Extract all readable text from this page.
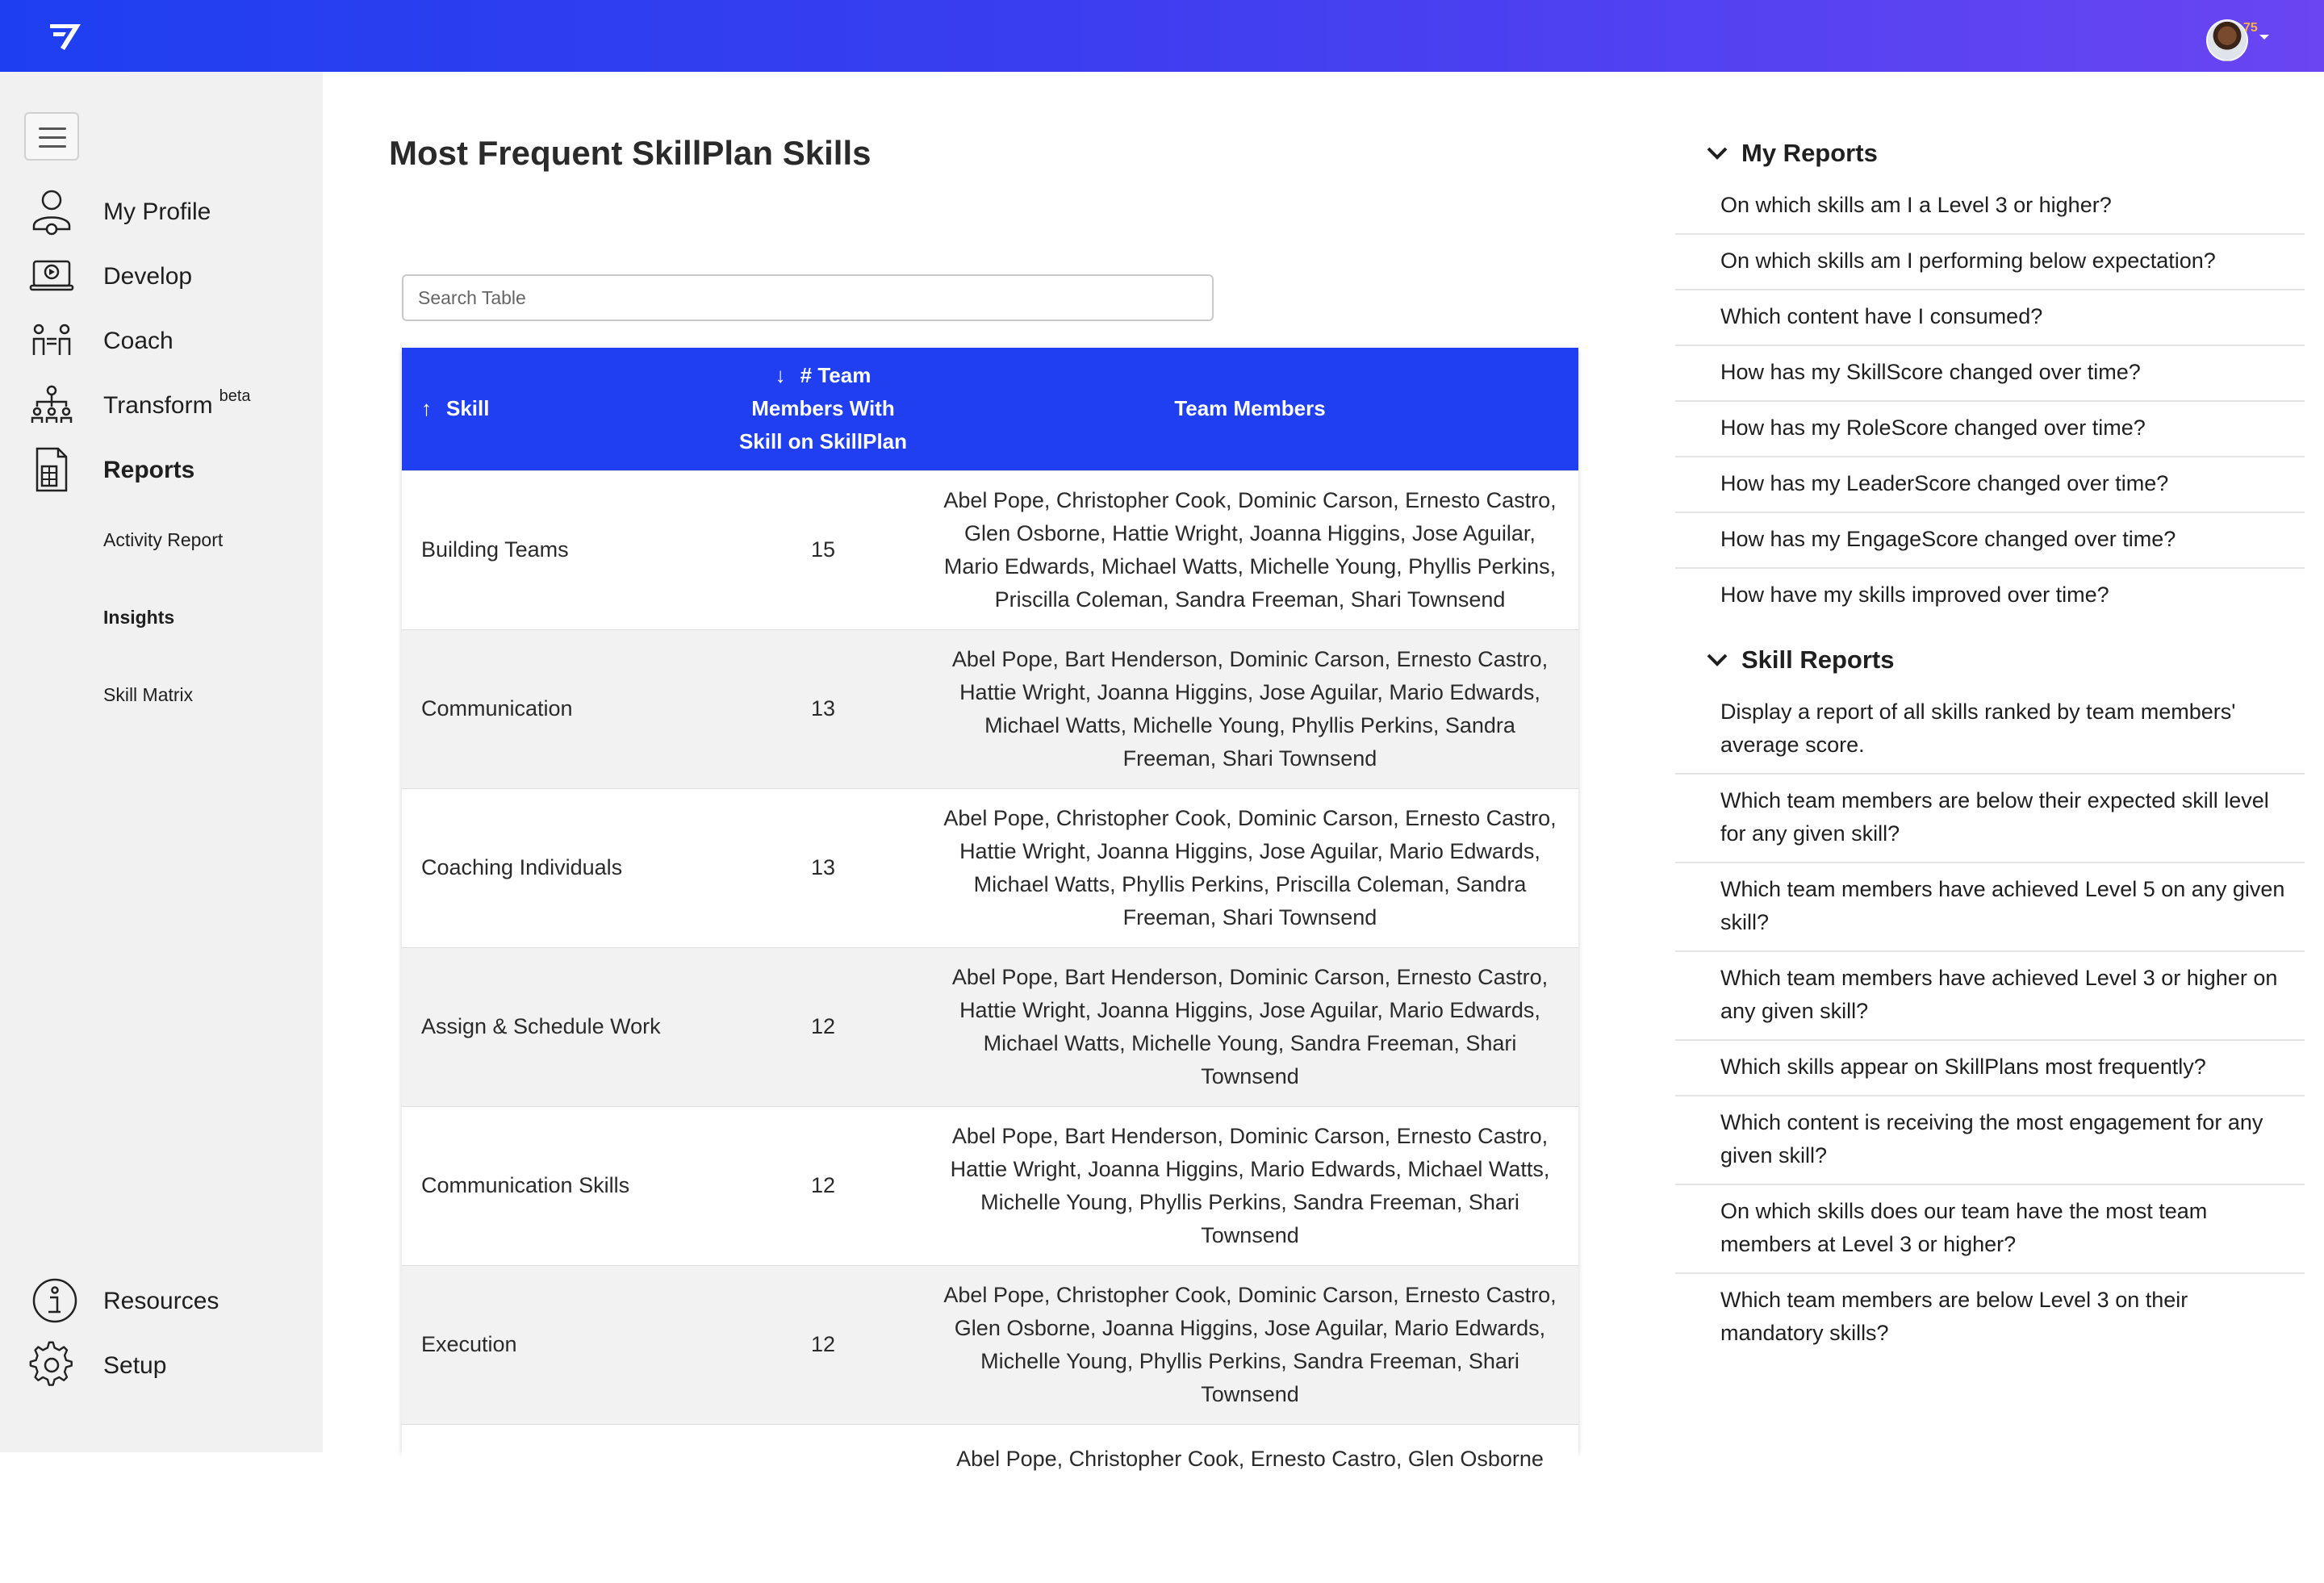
75
My Profile
Develop
Coach
Transform $^{beta}$
Reports
Activity Report
Insights
Skill Matrix
Resources
Setup
Most Frequent SkillPlan Skills
Search Table
↑ Skill	↓ # Team Members With Skill on SkillPlan	Team Members
Building Teams	15	Abel Pope, Christopher Cook, Dominic Carson, Ernesto Castro, Glen Osborne, Hattie Wright, Joanna Higgins, Jose Aguilar, Mario Edwards, Michael Watts, Michelle Young, Phyllis Perkins, Priscilla Coleman, Sandra Freeman, Shari Townsend
Communication	13	Abel Pope, Bart Henderson, Dominic Carson, Ernesto Castro, Hattie Wright, Joanna Higgins, Jose Aguilar, Mario Edwards, Michael Watts, Michelle Young, Phyllis Perkins, Sandra Freeman, Shari Townsend
Coaching Individuals	13	Abel Pope, Christopher Cook, Dominic Carson, Ernesto Castro, Hattie Wright, Joanna Higgins, Jose Aguilar, Mario Edwards, Michael Watts, Phyllis Perkins, Priscilla Coleman, Sandra Freeman, Shari Townsend
Assign & Schedule Work	12	Abel Pope, Bart Henderson, Dominic Carson, Ernesto Castro, Hattie Wright, Joanna Higgins, Jose Aguilar, Mario Edwards, Michael Watts, Michelle Young, Sandra Freeman, Shari Townsend
Communication Skills	12	Abel Pope, Bart Henderson, Dominic Carson, Ernesto Castro, Hattie Wright, Joanna Higgins, Mario Edwards, Michael Watts, Michelle Young, Phyllis Perkins, Sandra Freeman, Shari Townsend
Execution	12	Abel Pope, Christopher Cook, Dominic Carson, Ernesto Castro, Glen Osborne, Joanna Higgins, Jose Aguilar, Mario Edwards, Michelle Young, Phyllis Perkins, Sandra Freeman, Shari Townsend
		Abel Pope, Christopher Cook, Ernesto Castro, Glen Osborne
My Reports
On which skills am I a Level 3 or higher?
On which skills am I performing below expectation?
Which content have I consumed?
How has my SkillScore changed over time?
How has my RoleScore changed over time?
How has my LeaderScore changed over time?
How has my EngageScore changed over time?
How have my skills improved over time?
Skill Reports
Display a report of all skills ranked by team members' average score.
Which team members are below their expected skill level for any given skill?
Which team members have achieved Level 5 on any given skill?
Which team members have achieved Level 3 or higher on any given skill?
Which skills appear on SkillPlans most frequently?
Which content is receiving the most engagement for any given skill?
On which skills does our team have the most team members at Level 3 or higher?
Which team members are below Level 3 on their mandatory skills?
